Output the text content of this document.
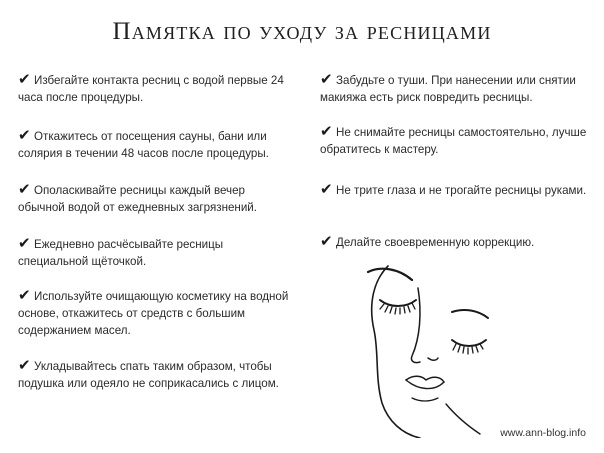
Памятка по уходу за ресницами
✔ Избегайте контакта ресниц с водой первые 24 часа после процедуры.
✔ Откажитесь от посещения сауны, бани или солярия в течении 48 часов после процедуры.
✔ Ополаскивайте ресницы каждый вечер обычной водой от ежедневных загрязнений.
✔ Ежедневно расчёсывайте ресницы специальной щёточкой.
✔ Используйте очищающую косметику на водной основе, откажитесь от средств с большим содержанием масел.
✔ Укладывайтесь спать таким образом, чтобы подушка или одеяло не соприкасались с лицом.
✔ Забудьте о туши. При нанесении или снятии макияжа есть риск повредить ресницы.
✔ Не снимайте ресницы самостоятельно, лучше обратитесь к мастеру.
✔ Не трите глаза и не трогайте ресницы руками.
✔ Делайте своевременную коррекцию.
www.ann-blog.info
